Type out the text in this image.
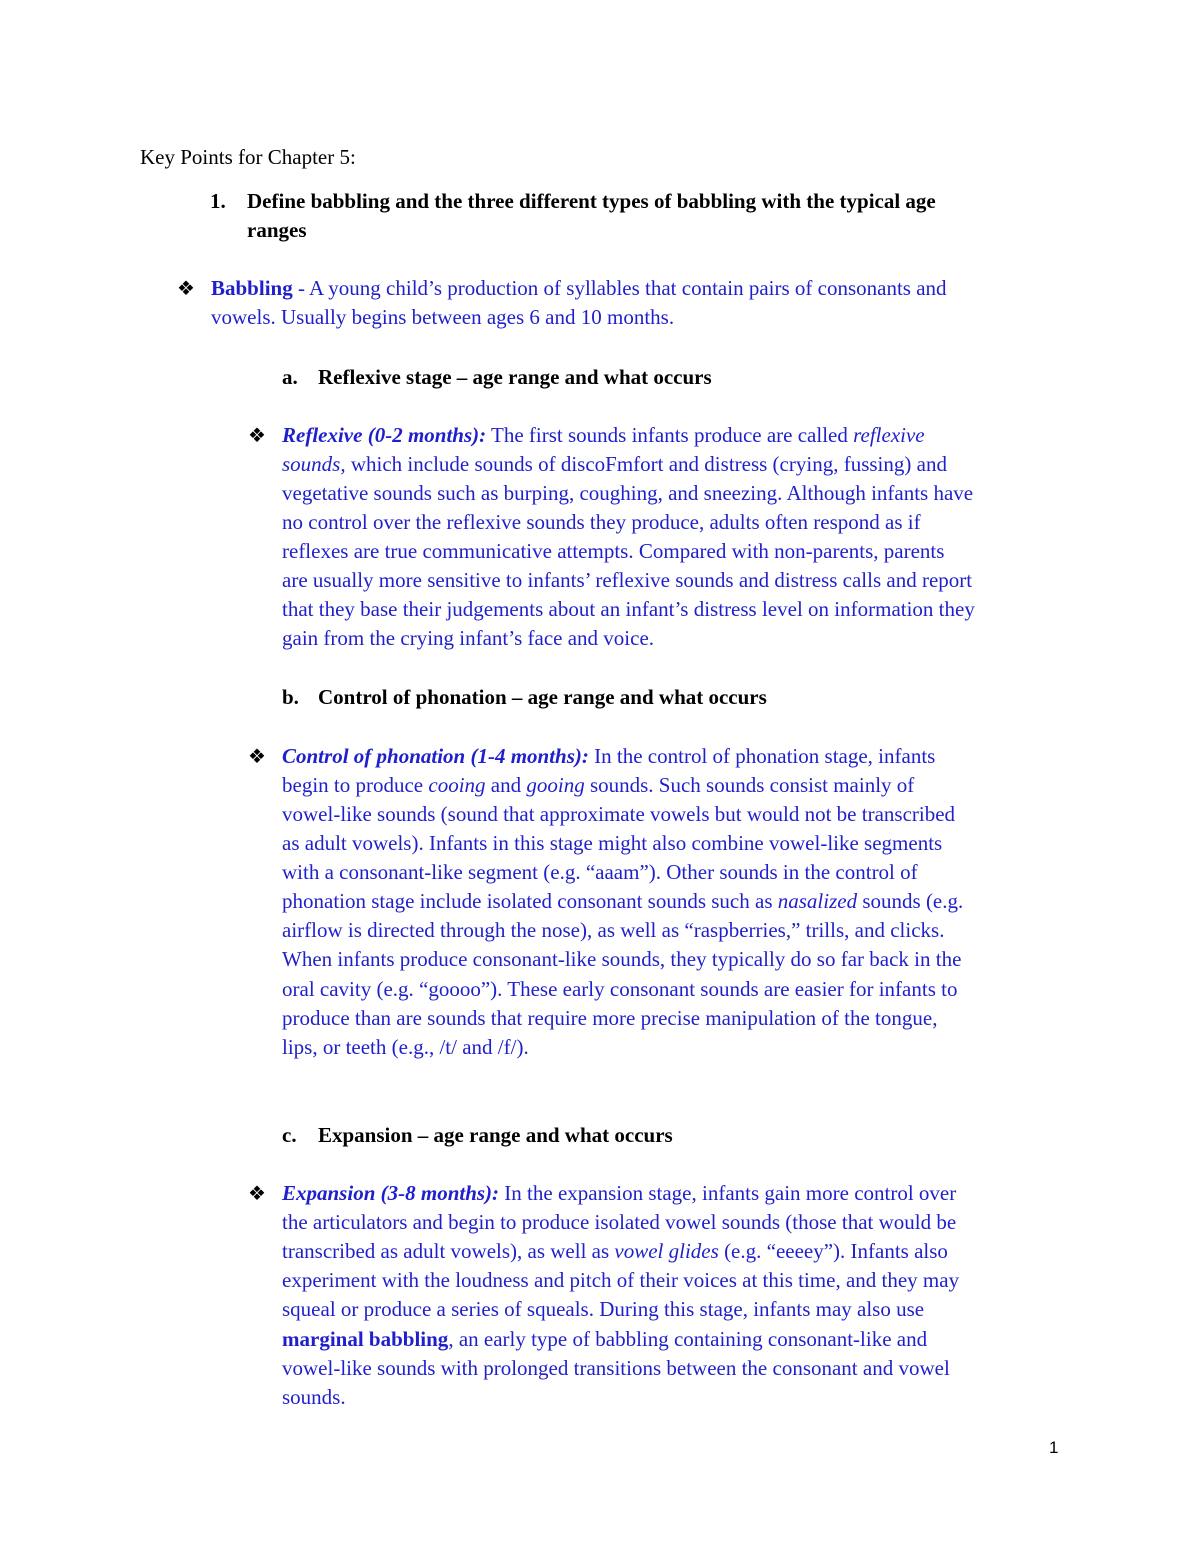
Key Points for Chapter 5:
1. Define babbling and the three different types of babbling with the typical age
ranges
❖ Babbling - A young child’s production of syllables that contain pairs of consonants and
vowels. Usually begins between ages 6 and 10 months.
a. Reflexive stage – age range and what occurs
❖ Reflexive (0-2 months): The first sounds infants produce are called reflexive
sounds, which include sounds of discoFmfort and distress (crying, fussing) and
vegetative sounds such as burping, coughing, and sneezing. Although infants have
no control over the reflexive sounds they produce, adults often respond as if
reflexes are true communicative attempts. Compared with non-parents, parents
are usually more sensitive to infants’ reflexive sounds and distress calls and report
that they base their judgements about an infant’s distress level on information they
gain from the crying infant’s face and voice.
b. Control of phonation – age range and what occurs
❖ Control of phonation (1-4 months): In the control of phonation stage, infants
begin to produce cooing and gooing sounds. Such sounds consist mainly of
vowel-like sounds (sound that approximate vowels but would not be transcribed
as adult vowels). Infants in this stage might also combine vowel-like segments
with a consonant-like segment (e.g. “aaam”). Other sounds in the control of
phonation stage include isolated consonant sounds such as nasalized sounds (e.g.
airflow is directed through the nose), as well as “raspberries,” trills, and clicks.
When infants produce consonant-like sounds, they typically do so far back in the
oral cavity (e.g. “goooo”). These early consonant sounds are easier for infants to
produce than are sounds that require more precise manipulation of the tongue,
lips, or teeth (e.g., /t/ and /f/).
c. Expansion – age range and what occurs
❖ Expansion (3-8 months): In the expansion stage, infants gain more control over
the articulators and begin to produce isolated vowel sounds (those that would be
transcribed as adult vowels), as well as vowel glides (e.g. “eeeey”). Infants also
experiment with the loudness and pitch of their voices at this time, and they may
squeal or produce a series of squeals. During this stage, infants may also use
marginal babbling, an early type of babbling containing consonant-like and
vowel-like sounds with prolonged transitions between the consonant and vowel
sounds.
1
